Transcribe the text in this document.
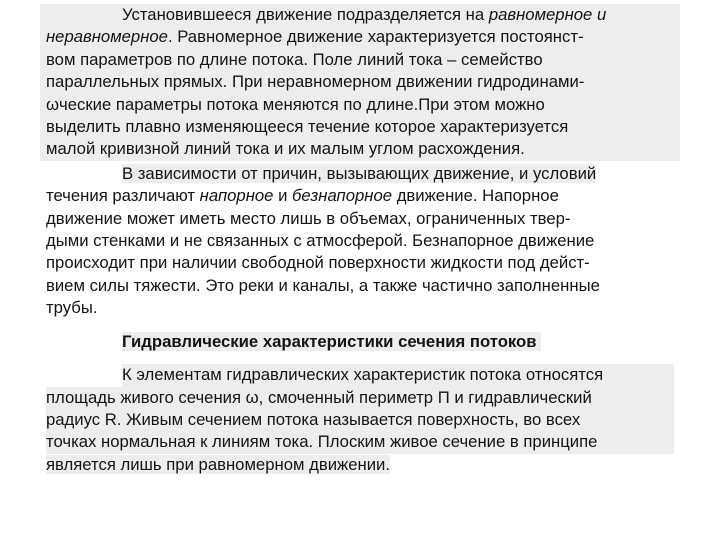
Установившееся движение подразделяется на равномерное и
неравномерное. Равномерное движение характеризуется постоянст-
вом параметров по длине потока. Поле линий тока – семейство
параллельных прямых. При неравномерном движении гидродинами-
ωческие параметры потока меняются по длине.При этом можно
выделить плавно изменяющееся течение которое характеризуется
малой кривизной линий тока и их малым углом расхождения.

В зависимости от причин, вызывающих движение, и условий
течения различают напорное и безнапорное движение. Напорное
движение может иметь место лишь в объемах, ограниченных твер-
дыми стенками и не связанных с атмосферой. Безнапорное движение
происходит при наличии свободной поверхности жидкости под дейст-
вием силы тяжести. Это реки и каналы, а также частично заполненные
трубы.

Гидравлические характеристики сечения потоков

К элементам гидравлических характеристик потока относятся
площадь живого сечения ω, смоченный периметр П и гидравлический
радиус R. Живым сечением потока называется поверхность, во всех
точках нормальная к линиям тока. Плоским живое сечение в принципе
является лишь при равномерном движении.
